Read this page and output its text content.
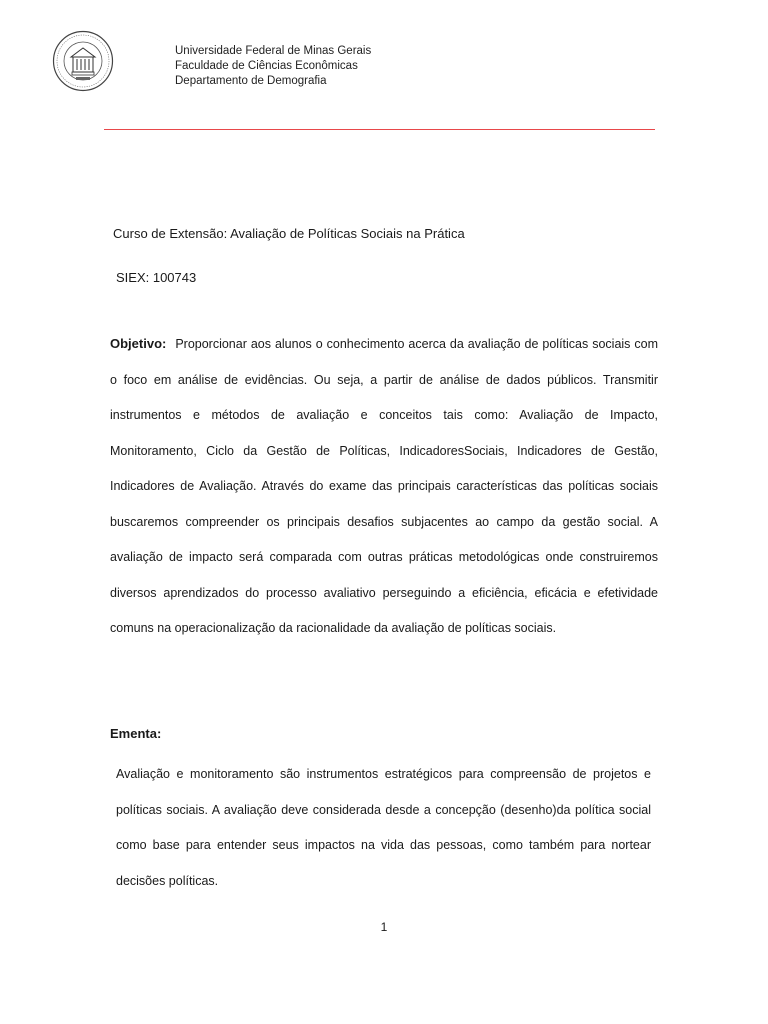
Universidade Federal de Minas Gerais
Faculdade de Ciências Econômicas
Departamento de Demografia
Curso de Extensão: Avaliação de Políticas Sociais na Prática
SIEX: 100743

Objetivo: Proporcionar aos alunos o conhecimento acerca da avaliação de políticas sociais com o foco em análise de evidências. Ou seja, a partir de análise de dados públicos. Transmitir instrumentos e métodos de avaliação e conceitos tais como: Avaliação de Impacto, Monitoramento, Ciclo da Gestão de Políticas, IndicadoresSociais, Indicadores de Gestão, Indicadores de Avaliação. Através do exame das principais características das políticas sociais buscaremos compreender os principais desafios subjacentes ao campo da gestão social. A avaliação de impacto será comparada com outras práticas metodológicas onde construiremos diversos aprendizados do processo avaliativo perseguindo a eficiência, eficácia e efetividade comuns na operacionalização da racionalidade da avaliação de políticas sociais.

Ementa:

Avaliação e monitoramento são instrumentos estratégicos para compreensão de projetos e políticas sociais. A avaliação deve considerada desde a concepção (desenho)da política social como base para entender seus impactos na vida das pessoas, como também para nortear decisões políticas.

1
